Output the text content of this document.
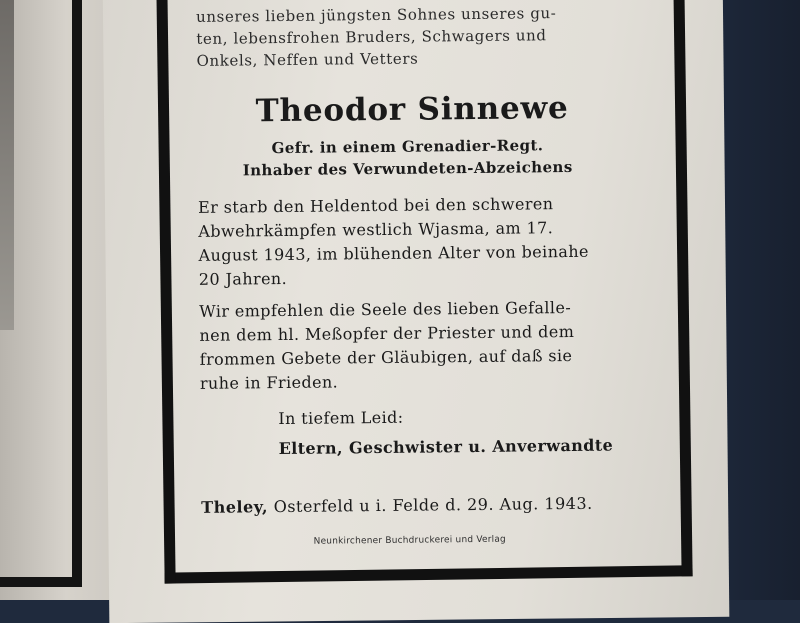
unseres lieben jüngsten Sohnes unseres gu-
ten, lebensfrohen Bruders, Schwagers und
Onkels, Neffen und Vetters
Theodor Sinnewe
Gefr. in einem Grenadier-Regt.
Inhaber des Verwundeten-Abzeichens
Er starb den Heldentod bei den schweren
Abwehrkämpfen westlich Wjasma, am 17.
August 1943, im blühenden Alter von beinahe
20 Jahren.
Wir empfehlen die Seele des lieben Gefalle-
nen dem hl. Meßopfer der Priester und dem
frommen Gebete der Gläubigen, auf daß sie
ruhe in Frieden.
In tiefem Leid:
Eltern, Geschwister u. Anverwandte
Theley, Osterfeld u i. Felde d. 29. Aug. 1943.
Neunkirchener Buchdruckerei und Verlag
